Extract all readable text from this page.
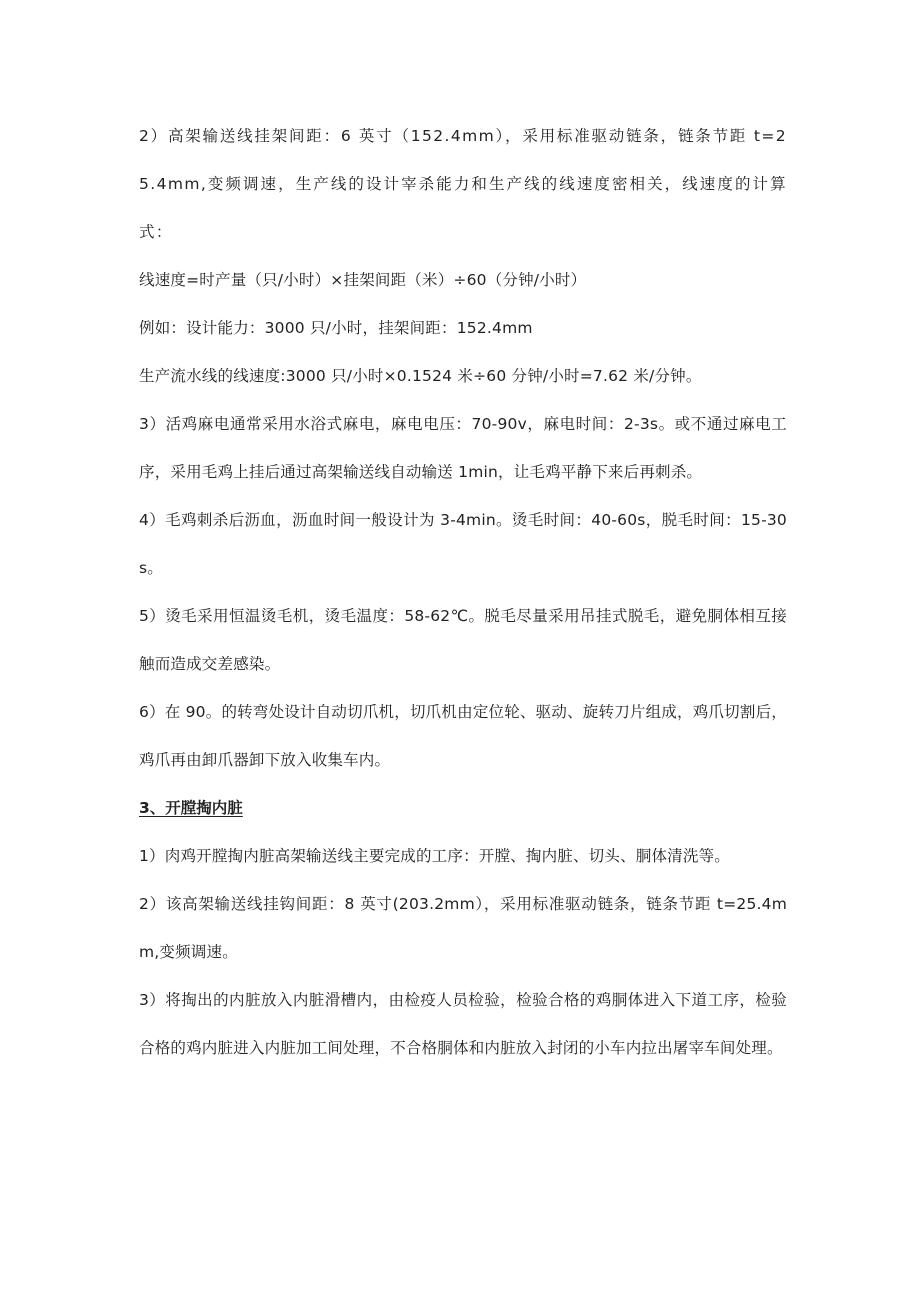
2）高架输送线挂架间距：6 英寸（152.4mm），采用标准驱动链条，链条节距 t=25.4mm,变频调速，生产线的设计宰杀能力和生产线的线速度密相关，线速度的计算式：

线速度=时产量（只/小时）×挂架间距（米）÷60（分钟/小时）

例如：设计能力：3000 只/小时，挂架间距：152.4mm

生产流水线的线速度:3000 只/小时×0.1524 米÷60 分钟/小时=7.62 米/分钟。

3）活鸡麻电通常采用水浴式麻电，麻电电压：70-90v，麻电时间：2-3s。或不通过麻电工序，采用毛鸡上挂后通过高架输送线自动输送 1min，让毛鸡平静下来后再刺杀。

4）毛鸡刺杀后沥血，沥血时间一般设计为 3-4min。烫毛时间：40-60s，脱毛时间：15-30s。

5）烫毛采用恒温烫毛机，烫毛温度：58-62℃。脱毛尽量采用吊挂式脱毛，避免胴体相互接触而造成交差感染。

6）在 90。的转弯处设计自动切爪机，切爪机由定位轮、驱动、旋转刀片组成，鸡爪切割后，鸡爪再由卸爪器卸下放入收集车内。

3、开膛掏内脏

1）肉鸡开膛掏内脏高架输送线主要完成的工序：开膛、掏内脏、切头、胴体清洗等。

2）该高架输送线挂钩间距：8 英寸(203.2mm），采用标准驱动链条，链条节距 t=25.4mm,变频调速。

3）将掏出的内脏放入内脏滑槽内，由检疫人员检验，检验合格的鸡胴体进入下道工序，检验合格的鸡内脏进入内脏加工间处理，不合格胴体和内脏放入封闭的小车内拉出屠宰车间处理。
